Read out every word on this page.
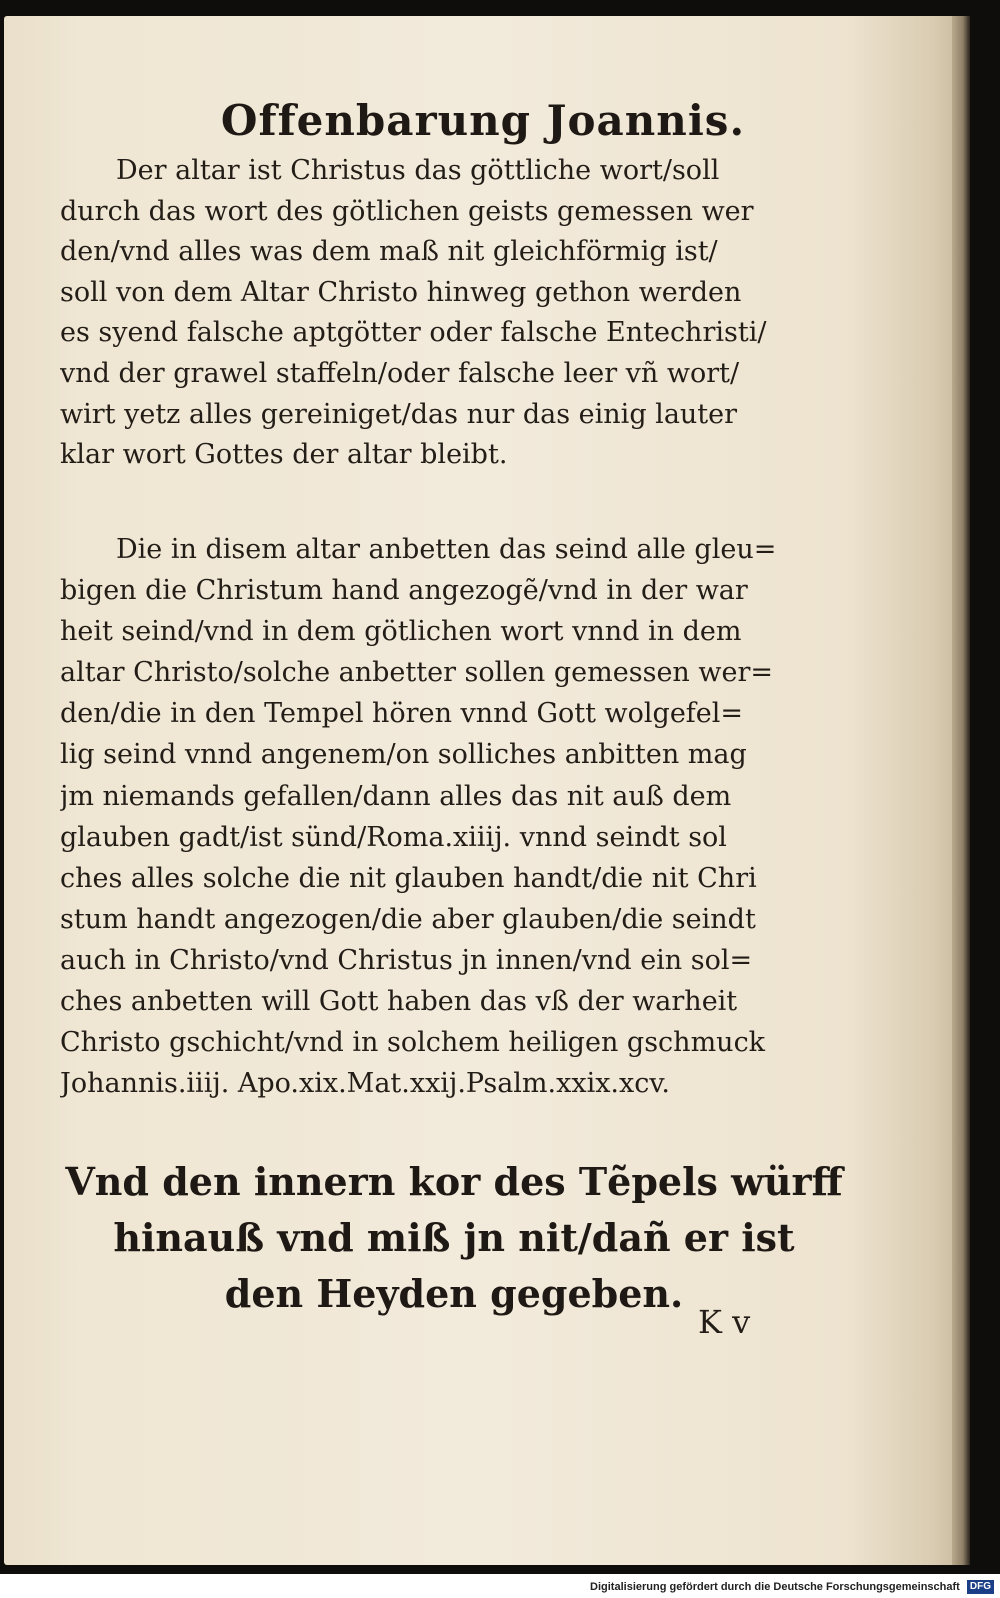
Offenbarung Joannis.

Der altar ist Christus das göttliche wort/soll
durch das wort des götlichen geists gemessen wer
den/vnd alles was dem maß nit gleichförmig ist/
soll von dem Altar Christo hinweg gethon werden
es syend falsche aptgötter oder falsche Entechristi/
vnd der grawel staffeln/oder falsche leer vñ wort/
wirt yetz alles gereiniget/das nur das einig lauter
klar wort Gottes der altar bleibt.

Die in disem altar anbetten das seind alle gleu=
bigen die Christum hand angezogẽ/vnd in der war
heit seind/vnd in dem götlichen wort vnnd in dem
altar Christo/solche anbetter sollen gemessen wer=
den/die in den Tempel hören vnnd Gott wolgefel=
lig seind vnnd angenem/on solliches anbitten mag
jm niemands gefallen/dann alles das nit auß dem
glauben gadt/ist sünd/Roma.xiiij. vnnd seindt sol
ches alles solche die nit glauben handt/die nit Chri
stum handt angezogen/die aber glauben/die seindt
auch in Christo/vnd Christus jn innen/vnd ein sol=
ches anbetten will Gott haben das vß der warheit
Christo gschicht/vnd in solchem heiligen gschmuck
Johannis.iiij. Apo.xix.Mat.xxij.Psalm.xxix.xcv.

Vnd den innern kor des Tẽpels würff
hinauß vnd miß jn nit/dañ er ist
den Heyden gegeben.
K v
Digitalisierung gefördert durch die Deutsche Forschungsgemeinschaft DFG
